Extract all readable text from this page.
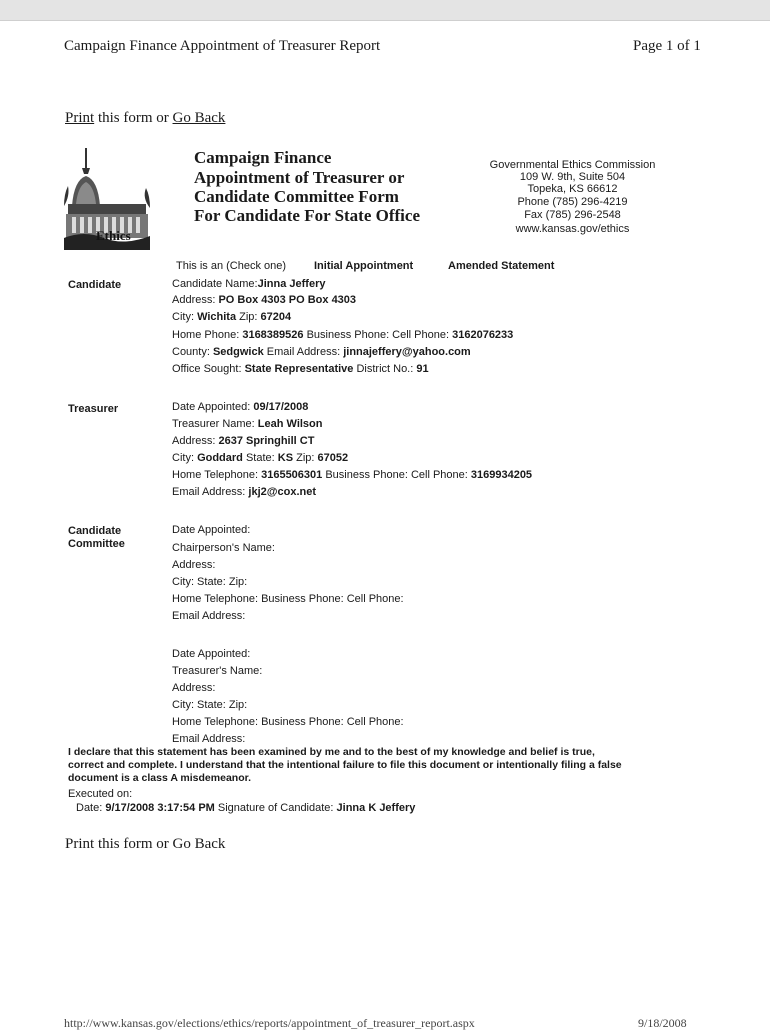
Campaign Finance Appointment of Treasurer Report	Page 1 of 1
Print this form or Go Back
Ethics
Campaign Finance
Appointment of Treasurer or
Candidate Committee Form
For Candidate For State Office
Governmental Ethics Commission
109 W. 9th, Suite 504
Topeka, KS 66612
Phone (785) 296-4219
Fax (785) 296-2548
www.kansas.gov/ethics
This is an (Check one)	Initial Appointment	Amended Statement
Candidate	Candidate Name:Jinna Jeffery
Address: PO Box 4303 PO Box 4303
City: Wichita Zip: 67204
Home Phone: 3168389526 Business Phone: Cell Phone: 3162076233
County: Sedgwick Email Address: jinnajeffery@yahoo.com
Office Sought: State Representative District No.: 91
Treasurer	Date Appointed: 09/17/2008
Treasurer Name: Leah Wilson
Address: 2637 Springhill CT
City: Goddard State: KS Zip: 67052
Home Telephone: 3165506301 Business Phone: Cell Phone: 3169934205
Email Address: jkj2@cox.net
Candidate
Committee
Date Appointed:
Chairperson's Name:
Address:
City: State: Zip:
Home Telephone: Business Phone: Cell Phone:
Email Address:
Date Appointed:
Treasurer's Name:
Address:
City: State: Zip:
Home Telephone: Business Phone: Cell Phone:
Email Address:
I declare that this statement has been examined by me and to the best of my knowledge and belief is true,
correct and complete. I understand that the intentional failure to file this document or intentionally filing a false
document is a class A misdemeanor.
Executed on:
Date: 9/17/2008 3:17:54 PM Signature of Candidate: Jinna K Jeffery
Print this form or Go Back
http://www.kansas.gov/elections/ethics/reports/appointment_of_treasurer_report.aspx	9/18/2008
